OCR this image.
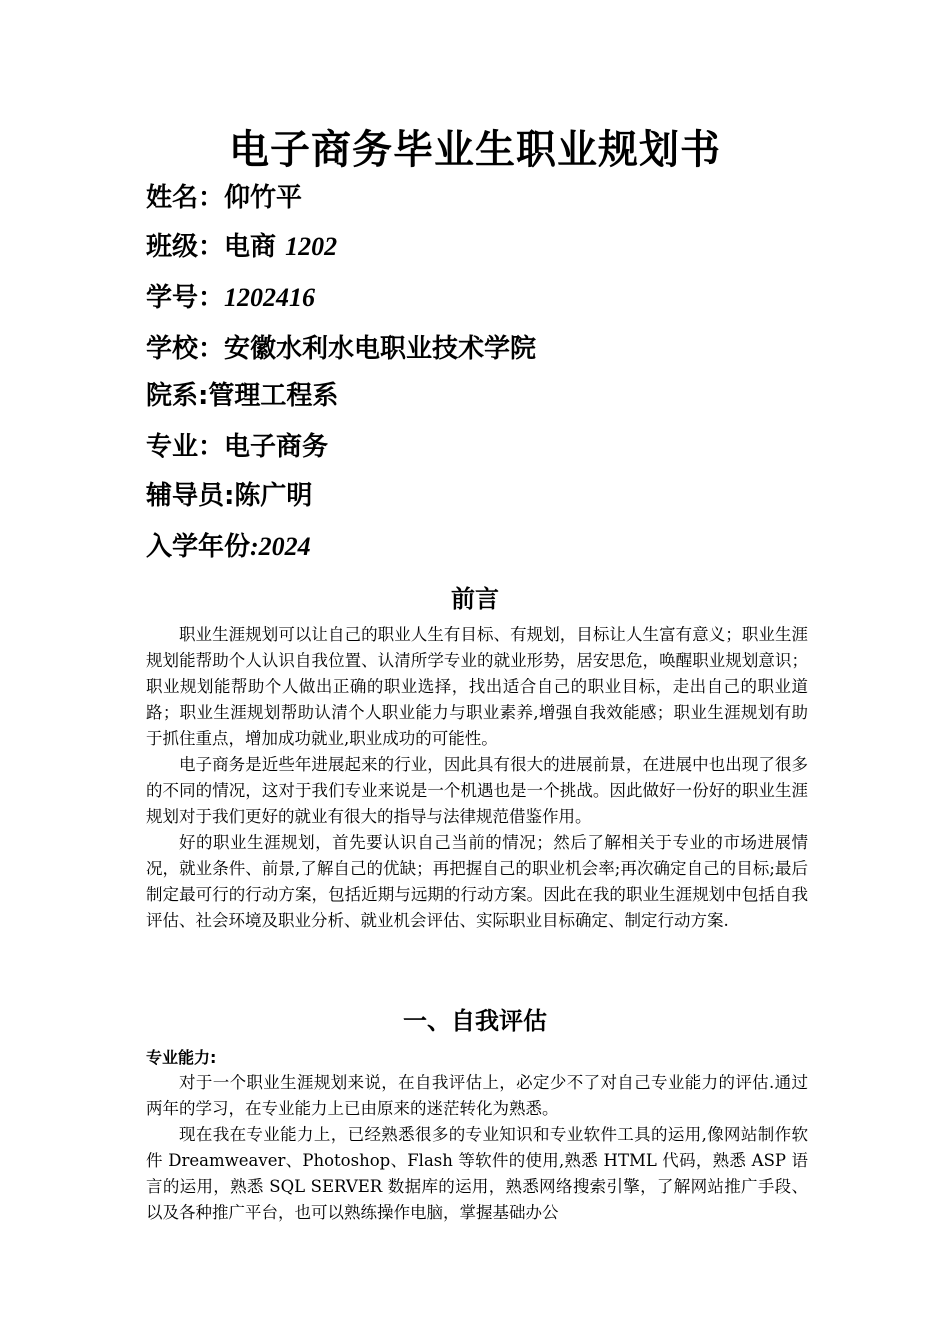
电子商务毕业生职业规划书
姓名：仰竹平
班级：电商 1202
学号：1202416
学校：安徽水利水电职业技术学院
院系:管理工程系
专业：电子商务
辅导员:陈广明
入学年份:2024
前言

职业生涯规划可以让自己的职业人生有目标、有规划，目标让人生富有意义；职业生涯规划能帮助个人认识自我位置、认清所学专业的就业形势，居安思危，唤醒职业规划意识；职业规划能帮助个人做出正确的职业选择，找出适合自己的职业目标，走出自己的职业道路；职业生涯规划帮助认清个人职业能力与职业素养,增强自我效能感；职业生涯规划有助于抓住重点，增加成功就业,职业成功的可能性。

电子商务是近些年进展起来的行业，因此具有很大的进展前景，在进展中也出现了很多的不同的情况，这对于我们专业来说是一个机遇也是一个挑战。因此做好一份好的职业生涯规划对于我们更好的就业有很大的指导与法律规范借鉴作用。

好的职业生涯规划，首先要认识自己当前的情况；然后了解相关于专业的市场进展情况，就业条件、前景,了解自己的优缺；再把握自己的职业机会率;再次确定自己的目标;最后制定最可行的行动方案，包括近期与远期的行动方案。因此在我的职业生涯规划中包括自我评估、社会环境及职业分析、就业机会评估、实际职业目标确定、制定行动方案.

一、自我评估
专业能力:

对于一个职业生涯规划来说，在自我评估上，必定少不了对自己专业能力的评估.通过两年的学习，在专业能力上已由原来的迷茫转化为熟悉。

现在我在专业能力上，已经熟悉很多的专业知识和专业软件工具的运用,像网站制作软件 Dreamweaver、Photoshop、Flash 等软件的使用,熟悉 HTML 代码，熟悉 ASP 语言的运用，熟悉 SQL SERVER 数据库的运用，熟悉网络搜索引擎，了解网站推广手段、以及各种推广平台，也可以熟练操作电脑，掌握基础办公
